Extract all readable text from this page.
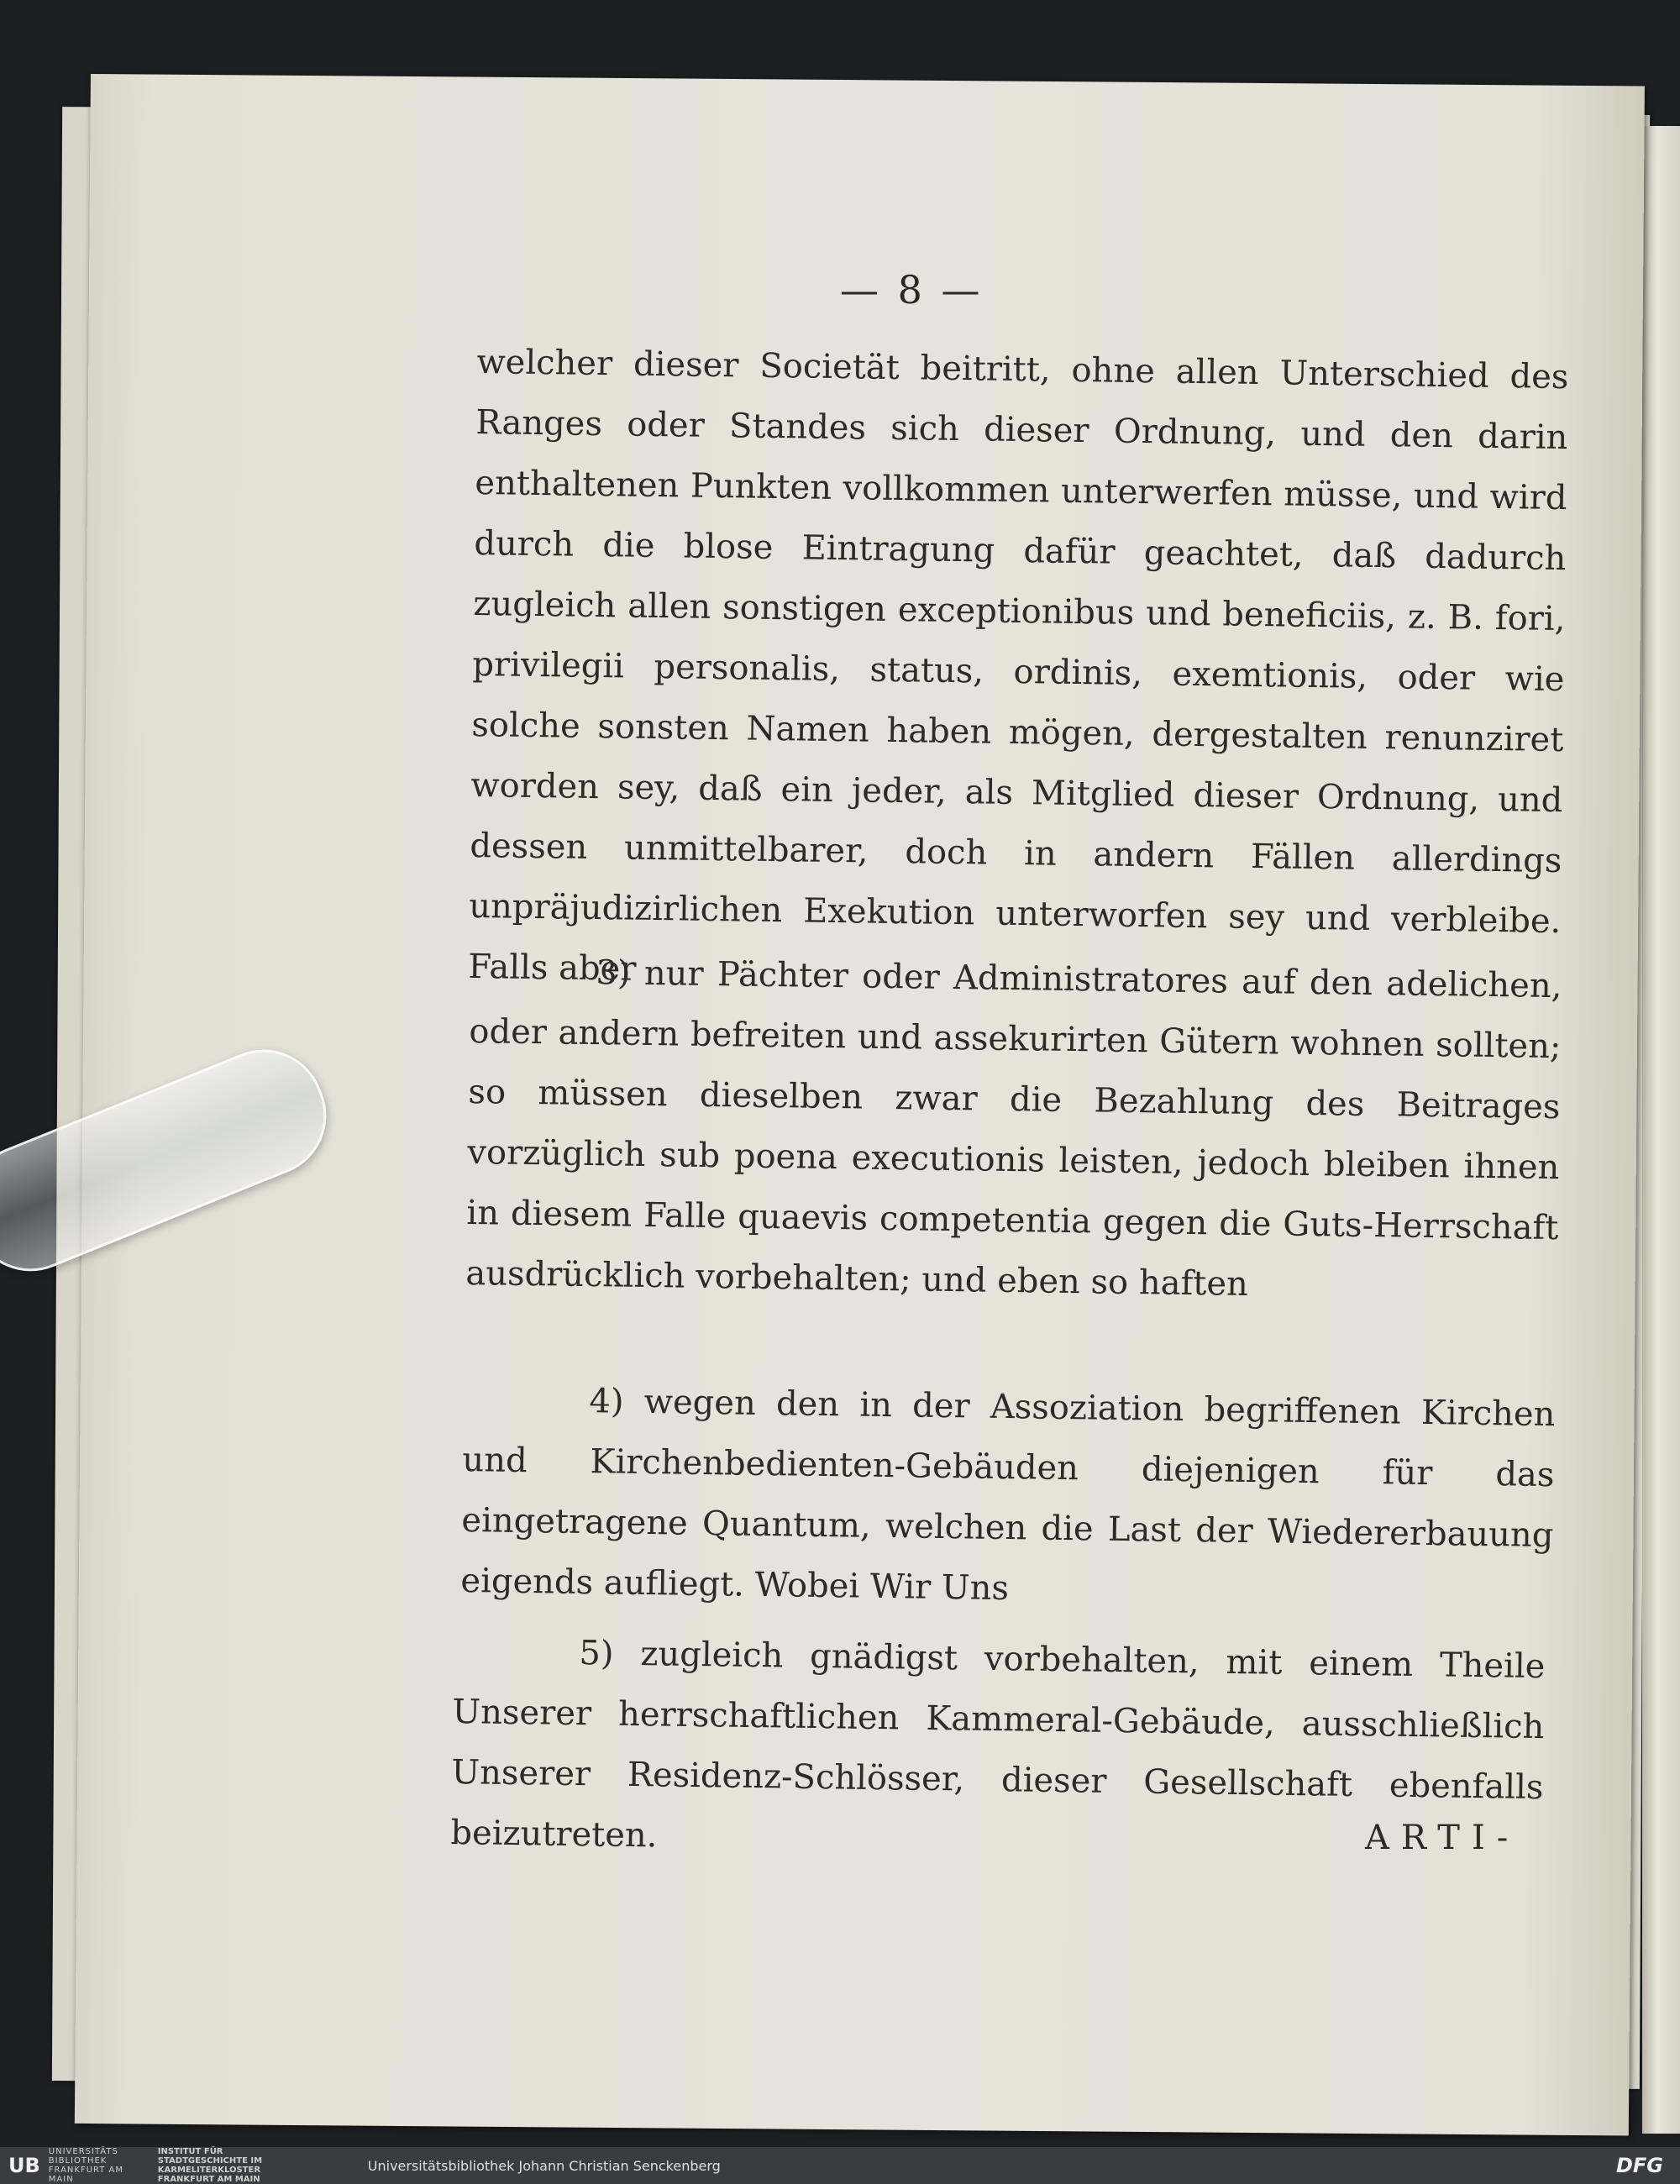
— 8 —
welcher dieser Societät beitritt, ohne allen Unterschied des Ranges oder Standes sich dieser Ordnung, und den darin enthaltenen Punkten vollkommen unterwerfen müsse, und wird durch die blose Eintragung dafür geachtet, daß dadurch zugleich allen sonstigen exceptionibus und beneficiis, z. B. fori, privilegii personalis, status, ordinis, exemtionis, oder wie solche sonsten Namen haben mögen, dergestalten renunziret worden sey, daß ein jeder, als Mitglied dieser Ordnung, und dessen unmittelbarer, doch in andern Fällen allerdings unpräjudizirlichen Exekution unterworfen sey und verbleibe. Falls aber
3) nur Pächter oder Administratores auf den adelichen, oder andern befreiten und assekurirten Gütern wohnen sollten; so müssen dieselben zwar die Bezahlung des Beitrages vorzüglich sub poena executionis leisten, jedoch bleiben ihnen in diesem Falle quaevis competentia gegen die Guts-Herrschaft ausdrücklich vorbehalten; und eben so haften
4) wegen den in der Assoziation begriffenen Kirchen und Kirchenbedienten-Gebäuden diejenigen für das eingetragene Quantum, welchen die Last der Wiedererbauung eigends aufliegt. Wobei Wir Uns
5) zugleich gnädigst vorbehalten, mit einem Theile Unserer herrschaftlichen Kammeral-Gebäude, ausschließlich Unserer Residenz-Schlösser, dieser Gesellschaft ebenfalls beizutreten.	ARTI-
UB
UNIVERSITÄTS BIBLIOTHEK FRANKFURT AM MAIN
INSTITUT FÜR STADTGESCHICHTE IM KARMELITERKLOSTER FRANKFURT AM MAIN
Universitätsbibliothek Johann Christian Senckenberg	DFG
